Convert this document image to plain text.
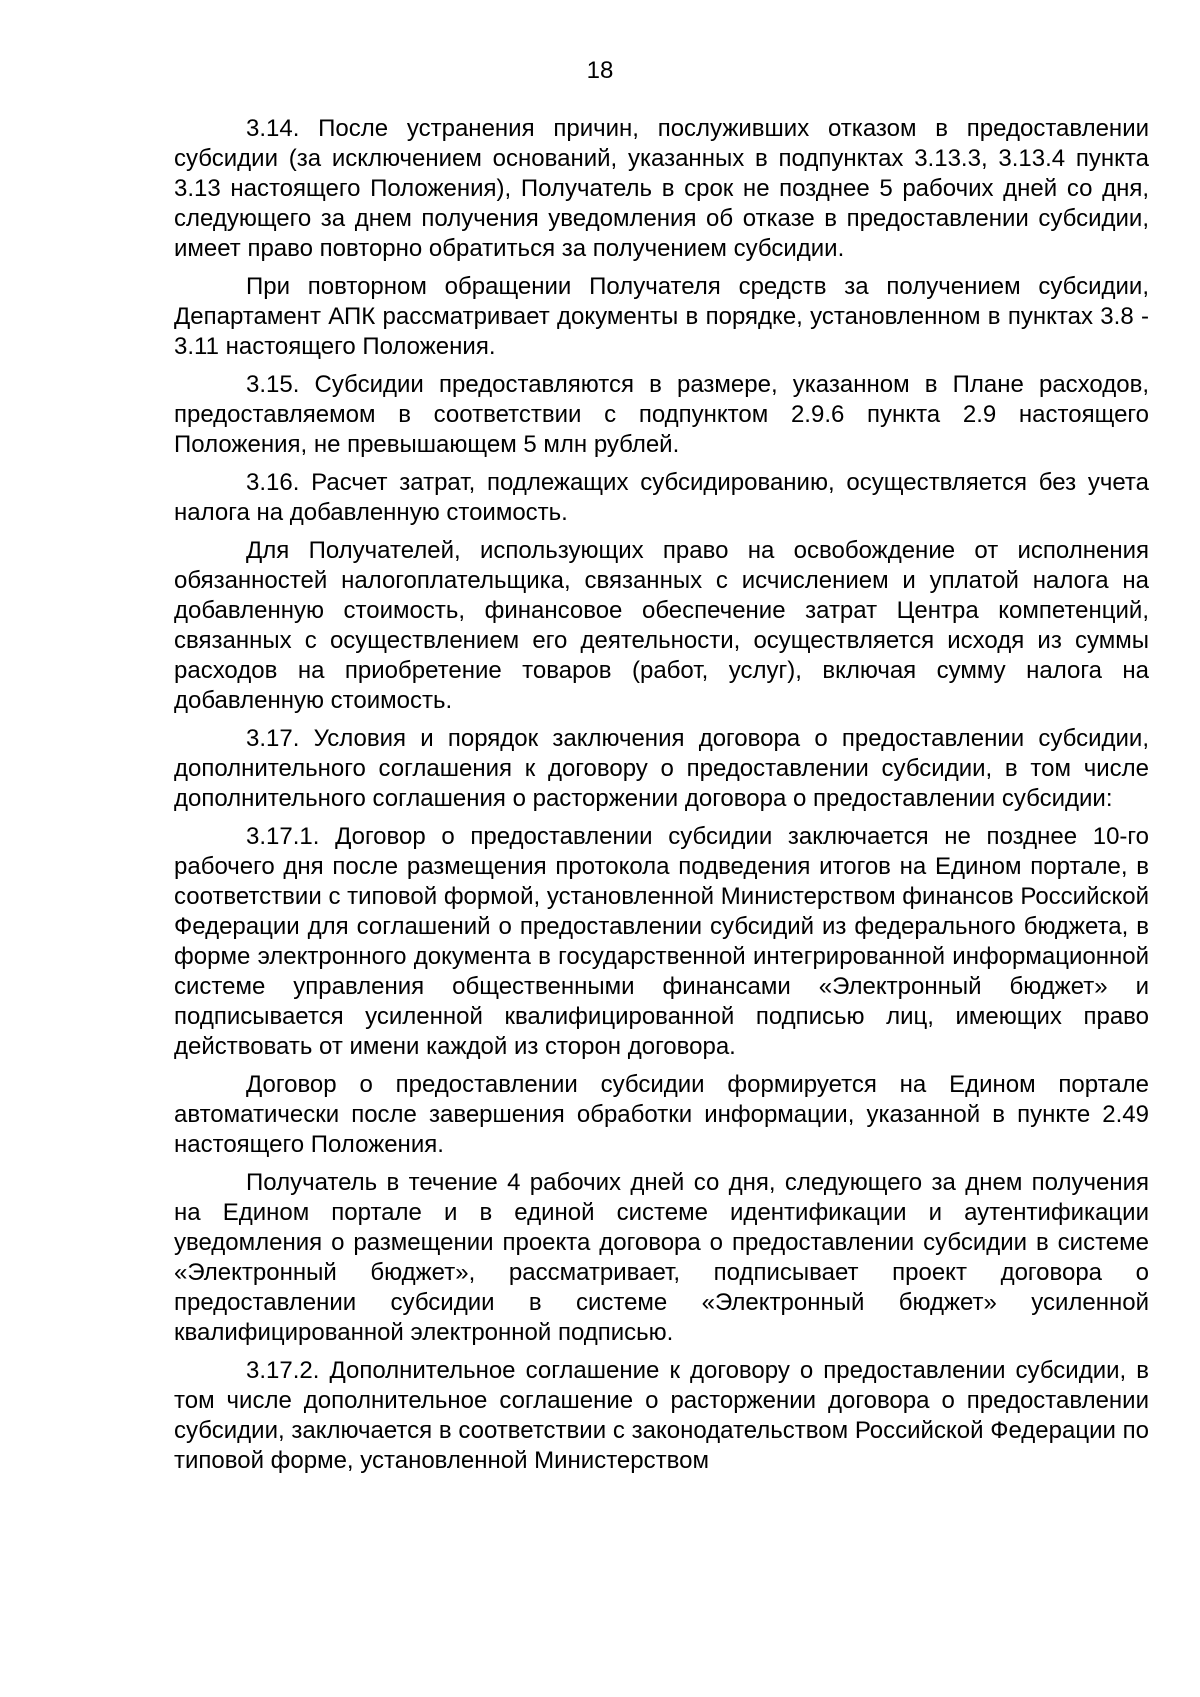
18

3.14. После устранения причин, послуживших отказом в предоставлении субсидии (за исключением оснований, указанных в подпунктах 3.13.3, 3.13.4 пункта 3.13 настоящего Положения), Получатель в срок не позднее 5 рабочих дней со дня, следующего за днем получения уведомления об отказе в предоставлении субсидии, имеет право повторно обратиться за получением субсидии.

При повторном обращении Получателя средств за получением субсидии, Департамент АПК рассматривает документы в порядке, установленном в пунктах 3.8 - 3.11 настоящего Положения.

3.15. Субсидии предоставляются в размере, указанном в Плане расходов, предоставляемом в соответствии с подпунктом 2.9.6 пункта 2.9 настоящего Положения, не превышающем 5 млн рублей.

3.16. Расчет затрат, подлежащих субсидированию, осуществляется без учета налога на добавленную стоимость.

Для Получателей, использующих право на освобождение от исполнения обязанностей налогоплательщика, связанных с исчислением и уплатой налога на добавленную стоимость, финансовое обеспечение затрат Центра компетенций, связанных с осуществлением его деятельности, осуществляется исходя из суммы расходов на приобретение товаров (работ, услуг), включая сумму налога на добавленную стоимость.

3.17. Условия и порядок заключения договора о предоставлении субсидии, дополнительного соглашения к договору о предоставлении субсидии, в том числе дополнительного соглашения о расторжении договора о предоставлении субсидии:

3.17.1. Договор о предоставлении субсидии заключается не позднее 10-го рабочего дня после размещения протокола подведения итогов на Едином портале, в соответствии с типовой формой, установленной Министерством финансов Российской Федерации для соглашений о предоставлении субсидий из федерального бюджета, в форме электронного документа в государственной интегрированной информационной системе управления общественными финансами «Электронный бюджет» и подписывается усиленной квалифицированной подписью лиц, имеющих право действовать от имени каждой из сторон договора.

Договор о предоставлении субсидии формируется на Едином портале автоматически после завершения обработки информации, указанной в пункте 2.49 настоящего Положения.

Получатель в течение 4 рабочих дней со дня, следующего за днем получения на Едином портале и в единой системе идентификации и аутентификации уведомления о размещении проекта договора о предоставлении субсидии в системе «Электронный бюджет», рассматривает, подписывает проект договора о предоставлении субсидии в системе «Электронный бюджет» усиленной квалифицированной электронной подписью.

3.17.2. Дополнительное соглашение к договору о предоставлении субсидии, в том числе дополнительное соглашение о расторжении договора о предоставлении субсидии, заключается в соответствии с законодательством Российской Федерации по типовой форме, установленной Министерством
